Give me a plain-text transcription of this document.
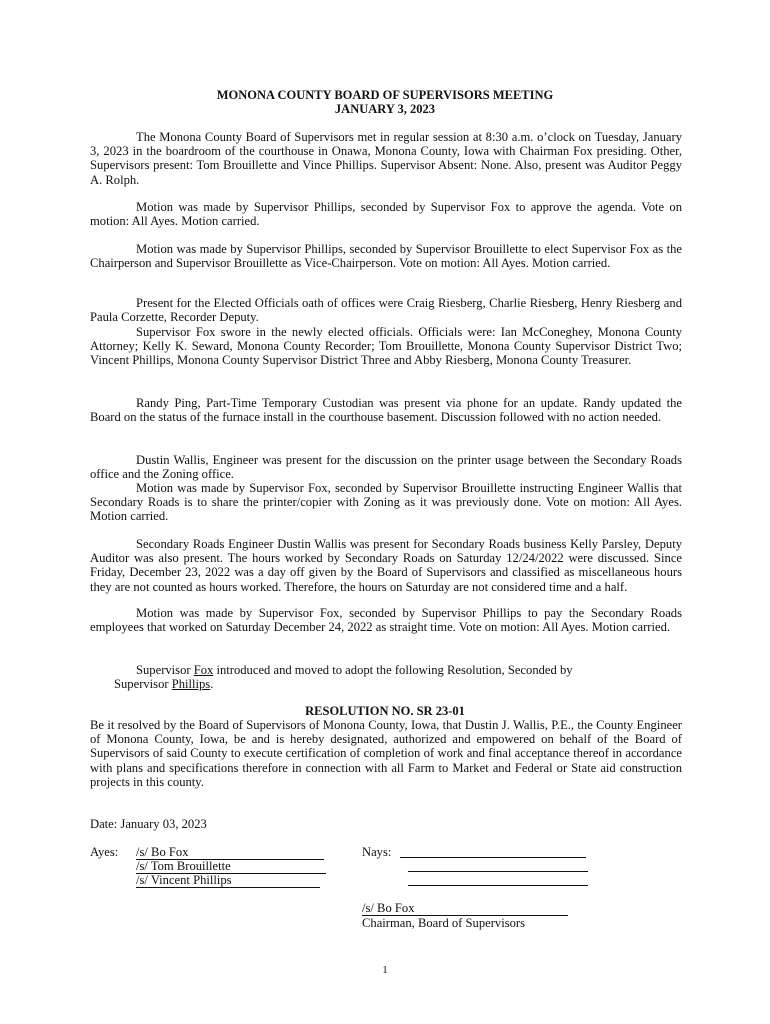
MONONA COUNTY BOARD OF SUPERVISORS MEETING
JANUARY 3, 2023

The Monona County Board of Supervisors met in regular session at 8:30 a.m. o’clock on Tuesday, January 3, 2023 in the boardroom of the courthouse in Onawa, Monona County, Iowa with Chairman Fox presiding. Other, Supervisors present: Tom Brouillette and Vince Phillips. Supervisor Absent: None. Also, present was Auditor Peggy A. Rolph.

Motion was made by Supervisor Phillips, seconded by Supervisor Fox to approve the agenda. Vote on motion: All Ayes. Motion carried.

Motion was made by Supervisor Phillips, seconded by Supervisor Brouillette to elect Supervisor Fox as the Chairperson and Supervisor Brouillette as Vice-Chairperson. Vote on motion: All Ayes. Motion carried.

Present for the Elected Officials oath of offices were Craig Riesberg, Charlie Riesberg, Henry Riesberg and Paula Corzette, Recorder Deputy.

Supervisor Fox swore in the newly elected officials. Officials were: Ian McConeghey, Monona County Attorney; Kelly K. Seward, Monona County Recorder; Tom Brouillette, Monona County Supervisor District Two; Vincent Phillips, Monona County Supervisor District Three and Abby Riesberg, Monona County Treasurer.

Randy Ping, Part-Time Temporary Custodian was present via phone for an update. Randy updated the Board on the status of the furnace install in the courthouse basement. Discussion followed with no action needed.

Dustin Wallis, Engineer was present for the discussion on the printer usage between the Secondary Roads office and the Zoning office.

Motion was made by Supervisor Fox, seconded by Supervisor Brouillette instructing Engineer Wallis that Secondary Roads is to share the printer/copier with Zoning as it was previously done. Vote on motion: All Ayes. Motion carried.

Secondary Roads Engineer Dustin Wallis was present for Secondary Roads business Kelly Parsley, Deputy Auditor was also present. The hours worked by Secondary Roads on Saturday 12/24/2022 were discussed. Since Friday, December 23, 2022 was a day off given by the Board of Supervisors and classified as miscellaneous hours they are not counted as hours worked. Therefore, the hours on Saturday are not considered time and a half.

Motion was made by Supervisor Fox, seconded by Supervisor Phillips to pay the Secondary Roads employees that worked on Saturday December 24, 2022 as straight time. Vote on motion: All Ayes. Motion carried.

Supervisor Fox introduced and moved to adopt the following Resolution, Seconded by
Supervisor Phillips.
RESOLUTION NO. SR 23-01

Be it resolved by the Board of Supervisors of Monona County, Iowa, that Dustin J. Wallis, P.E., the County Engineer of Monona County, Iowa, be and is hereby designated, authorized and empowered on behalf of the Board of Supervisors of said County to execute certification of completion of work and final acceptance thereof in accordance with plans and specifications therefore in connection with all Farm to Market and Federal or State aid construction projects in this county.

Date: January 03, 2023
Ayes: /s/ Bo Fox
/s/ Tom Brouillette
/s/ Vincent Phillips
Nays:
/s/ Bo Fox
Chairman, Board of Supervisors
1
